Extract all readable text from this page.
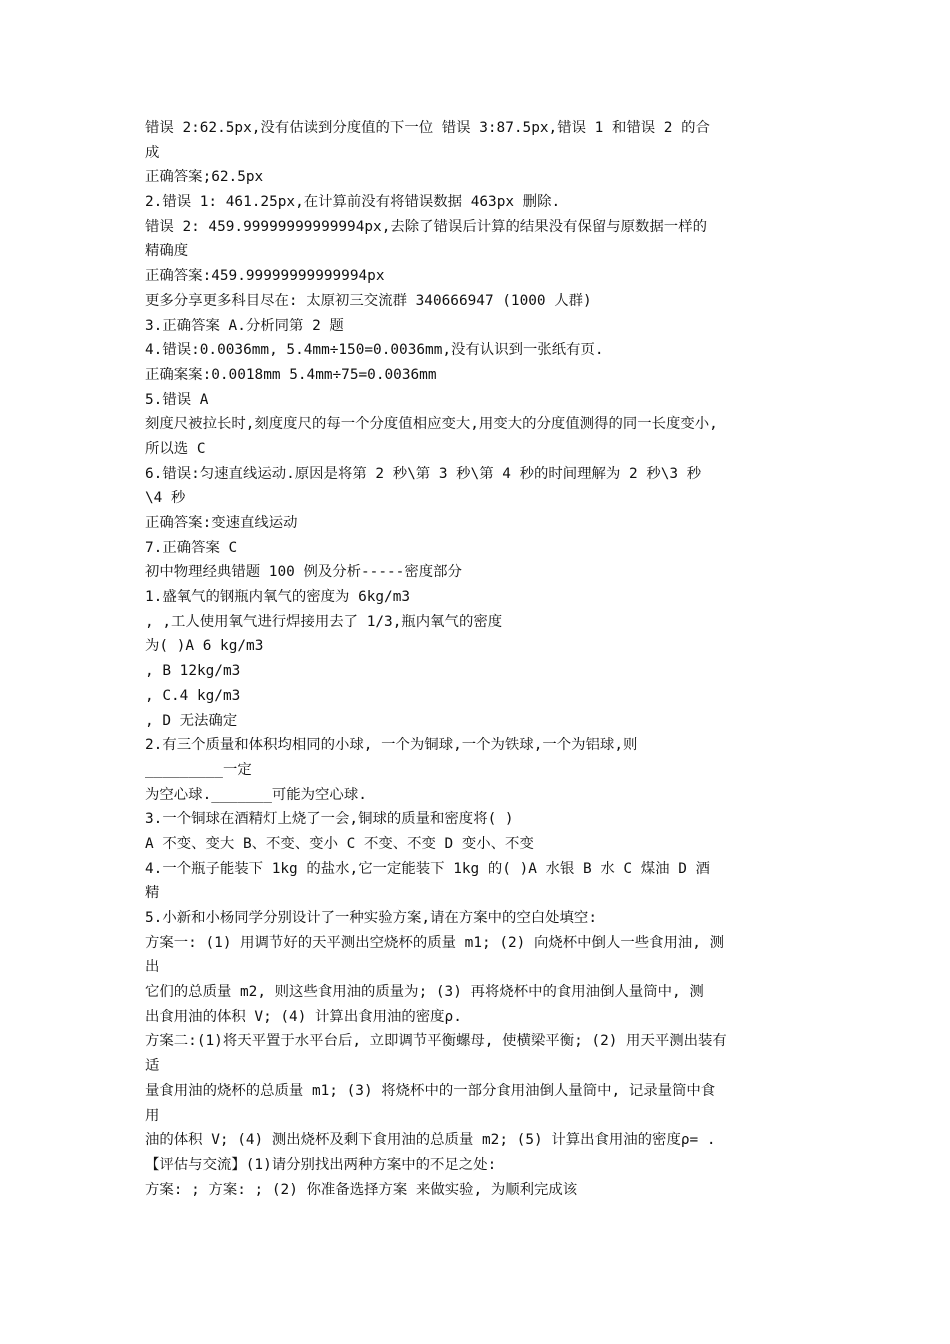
错误 2:62.5px,没有估读到分度值的下一位 错误 3:87.5px,错误 1 和错误 2 的合
成
正确答案;62.5px
2.错误 1: 461.25px,在计算前没有将错误数据 463px 删除.
错误 2: 459.99999999999994px,去除了错误后计算的结果没有保留与原数据一样的
精确度
正确答案:459.99999999999994px
更多分享更多科目尽在: 太原初三交流群 340666947 (1000 人群)
3.正确答案 A.分析同第 2 题
4.错误:0.0036mm, 5.4mm÷150=0.0036mm,没有认识到一张纸有页.
正确案案:0.0018mm 5.4mm÷75=0.0036mm
5.错误 A
刻度尺被拉长时,刻度度尺的每一个分度值相应变大,用变大的分度值测得的同一长度变小,
所以选 C
6.错误:匀速直线运动.原因是将第 2 秒\第 3 秒\第 4 秒的时间理解为 2 秒\3 秒
\4 秒
正确答案:变速直线运动
7.正确答案 C
初中物理经典错题 100 例及分析-----密度部分
1.盛氧气的钢瓶内氧气的密度为 6kg/m3
, ,工人使用氧气进行焊接用去了 1/3,瓶内氧气的密度
为( )A 6 kg/m3
, B 12kg/m3
, C.4 kg/m3
, D 无法确定
2.有三个质量和体积均相同的小球, 一个为铜球,一个为铁球,一个为铝球,则
_________一定
为空心球._______可能为空心球.
3.一个铜球在酒精灯上烧了一会,铜球的质量和密度将( )
A 不变、变大 B、不变、变小 C 不变、不变 D 变小、不变
4.一个瓶子能装下 1kg 的盐水,它一定能装下 1kg 的( )A 水银 B 水 C 煤油 D 酒
精
5.小新和小杨同学分别设计了一种实验方案,请在方案中的空白处填空:
方案一: (1) 用调节好的天平测出空烧杯的质量 m1; (2) 向烧杯中倒人一些食用油, 测
出
它们的总质量 m2, 则这些食用油的质量为; (3) 再将烧杯中的食用油倒人量筒中, 测
出食用油的体积 V; (4) 计算出食用油的密度ρ.
方案二:(1)将天平置于水平台后, 立即调节平衡螺母, 使横梁平衡; (2) 用天平测出装有
适
量食用油的烧杯的总质量 m1; (3) 将烧杯中的一部分食用油倒人量筒中, 记录量筒中食
用
油的体积 V; (4) 测出烧杯及剩下食用油的总质量 m2; (5) 计算出食用油的密度ρ= .
【评估与交流】(1)请分别找出两种方案中的不足之处:
方案: ; 方案: ; (2) 你准备选择方案 来做实验, 为顺利完成该
